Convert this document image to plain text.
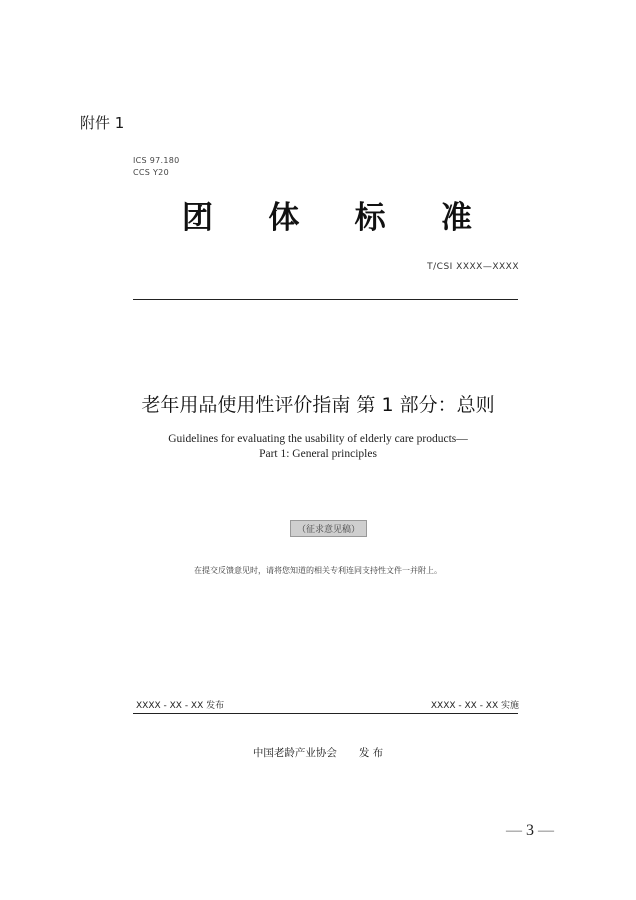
附件 1

ICS 97.180
CCS Y20
团 体 标 准

T/CSI XXXX—XXXX

老年用品使用性评价指南 第 1 部分：总则

Guidelines for evaluating the usability of elderly care products—
Part 1: General principles
（征求意见稿）

在提交反馈意见时，请将您知道的相关专利连同支持性文件一并附上。

XXXX - XX - XX 发布	XXXX - XX - XX 实施

中国老龄产业协会 发 布

— 3 —
